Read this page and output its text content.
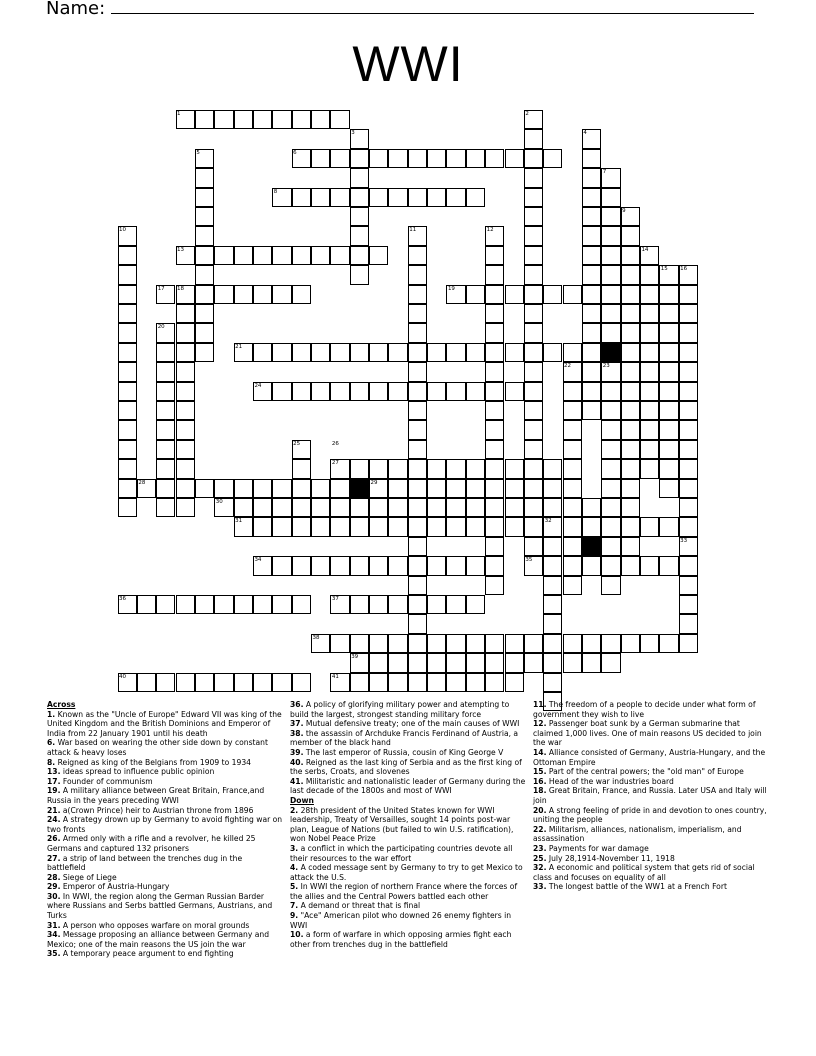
Name:
WWI
1	2
3	4
5	6
7
8
9
10	11	12
13	14
15 16
17 18	19
20
21
22	23
24
25	26
27
28	29
30
31	32
33
34	35
36	37
38
39
40	41
Across
1. Known as the "Uncle of Europe" Edward VII was king of the United Kingdom and the British Dominions and Emperor of India from 22 January 1901 until his death
6. War based on wearing the other side down by constant attack & heavy loses
8. Reigned as king of the Belgians from 1909 to 1934
13. ideas spread to influence public opinion
17. Founder of communism
19. A military alliance between Great Britain, France,and Russia in the years preceding WWI
21. a(Crown Prince) heir to Austrian throne from 1896
24. A strategy drown up by Germany to avoid fighting war on two fronts
26. Armed only with a rifle and a revolver, he killed 25 Germans and captured 132 prisoners
27. a strip of land between the trenches dug in the battlefield
28. Siege of Liege
29. Emperor of Austria-Hungary
30. In WWI, the region along the German Russian Barder where Russians and Serbs battled Germans, Austrians, and Turks
31. A person who opposes warfare on moral grounds
34. Message proposing an alliance between Germany and Mexico; one of the main reasons the US join the war
35. A temporary peace argument to end fighting
36. A policy of glorifying military power and atempting to build the largest, strongest standing military force
37. Mutual defensive treaty; one of the main causes of WWI
38. the assassin of Archduke Francis Ferdinand of Austria, a member of the black hand
39. The last emperor of Russia, cousin of King George V
40. Reigned as the last king of Serbia and as the first king of the serbs, Croats, and slovenes
41. Militaristic and nationalistic leader of Germany during the last decade of the 1800s and most of WWI
Down
2. 28th president of the United States known for WWI leadership, Treaty of Versailles, sought 14 points post-war plan, League of Nations (but failed to win U.S. ratification), won Nobel Peace Prize
3. a conflict in which the participating countries devote all their resources to the war effort
4. A coded message sent by Germany to try to get Mexico to attack the U.S.
5. In WWI the region of northern France where the forces of the allies and the Central Powers battled each other
7. A demand or threat that is final
9. "Ace" American pilot who downed 26 enemy fighters in WWI
10. a form of warfare in which opposing armies fight each other from trenches dug in the battlefield
11. The freedom of a people to decide under what form of government they wish to live
12. Passenger boat sunk by a German submarine that claimed 1,000 lives. One of main reasons US decided to join the war
14. Alliance consisted of Germany, Austria-Hungary, and the Ottoman Empire
15. Part of the central powers; the "old man" of Europe
16. Head of the war industries board
18. Great Britain, France, and Russia. Later USA and Italy will join
20. A strong feeling of pride in and devotion to ones country, uniting the people
22. Militarism, alliances, nationalism, imperialism, and assassination
23. Payments for war damage
25. July 28,1914-November 11, 1918
32. A economic and political system that gets rid of social class and focuses on equality of all
33. The longest battle of the WW1 at a French Fort
